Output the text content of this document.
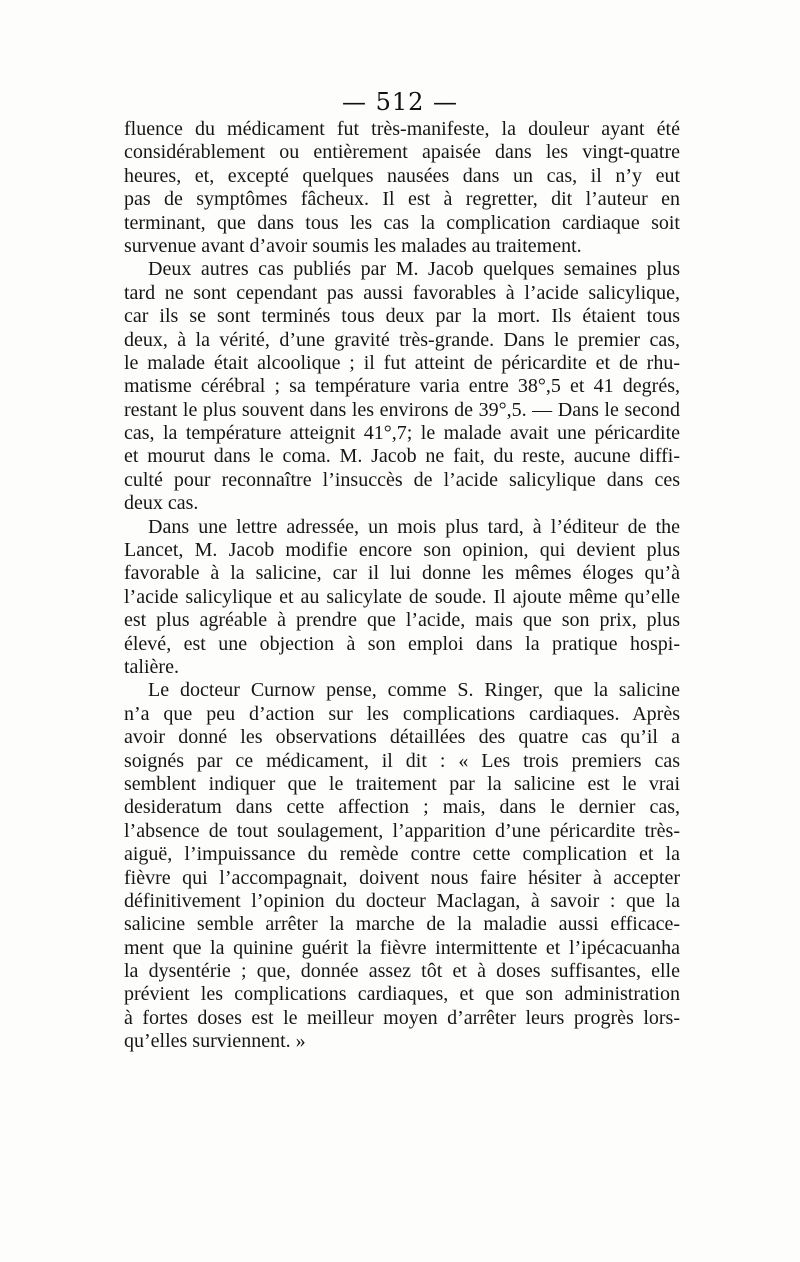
— 512 —
fluence du médicament fut très-manifeste, la douleur ayant été
considérablement ou entièrement apaisée dans les vingt-quatre
heures, et, excepté quelques nausées dans un cas, il n’y eut
pas de symptômes fâcheux. Il est à regretter, dit l’auteur en
terminant, que dans tous les cas la complication cardiaque soit
survenue avant d’avoir soumis les malades au traitement.
Deux autres cas publiés par M. Jacob quelques semaines plus
tard ne sont cependant pas aussi favorables à l’acide salicylique,
car ils se sont terminés tous deux par la mort. Ils étaient tous
deux, à la vérité, d’une gravité très-grande. Dans le premier cas,
le malade était alcoolique ; il fut atteint de péricardite et de rhu-
matisme cérébral ; sa température varia entre 38°,5 et 41 degrés,
restant le plus souvent dans les environs de 39°,5. — Dans le second
cas, la température atteignit 41°,7; le malade avait une péricardite
et mourut dans le coma. M. Jacob ne fait, du reste, aucune diffi-
culté pour reconnaître l’insuccès de l’acide salicylique dans ces
deux cas.
Dans une lettre adressée, un mois plus tard, à l’éditeur de the
Lancet, M. Jacob modifie encore son opinion, qui devient plus
favorable à la salicine, car il lui donne les mêmes éloges qu’à
l’acide salicylique et au salicylate de soude. Il ajoute même qu’elle
est plus agréable à prendre que l’acide, mais que son prix, plus
élevé, est une objection à son emploi dans la pratique hospi-
talière.
Le docteur Curnow pense, comme S. Ringer, que la salicine
n’a que peu d’action sur les complications cardiaques. Après
avoir donné les observations détaillées des quatre cas qu’il a
soignés par ce médicament, il dit : « Les trois premiers cas
semblent indiquer que le traitement par la salicine est le vrai
desideratum dans cette affection ; mais, dans le dernier cas,
l’absence de tout soulagement, l’apparition d’une péricardite très-
aiguë, l’impuissance du remède contre cette complication et la
fièvre qui l’accompagnait, doivent nous faire hésiter à accepter
définitivement l’opinion du docteur Maclagan, à savoir : que la
salicine semble arrêter la marche de la maladie aussi efficace-
ment que la quinine guérit la fièvre intermittente et l’ipécacuanha
la dysentérie ; que, donnée assez tôt et à doses suffisantes, elle
prévient les complications cardiaques, et que son administration
à fortes doses est le meilleur moyen d’arrêter leurs progrès lors-
qu’elles surviennent. »
